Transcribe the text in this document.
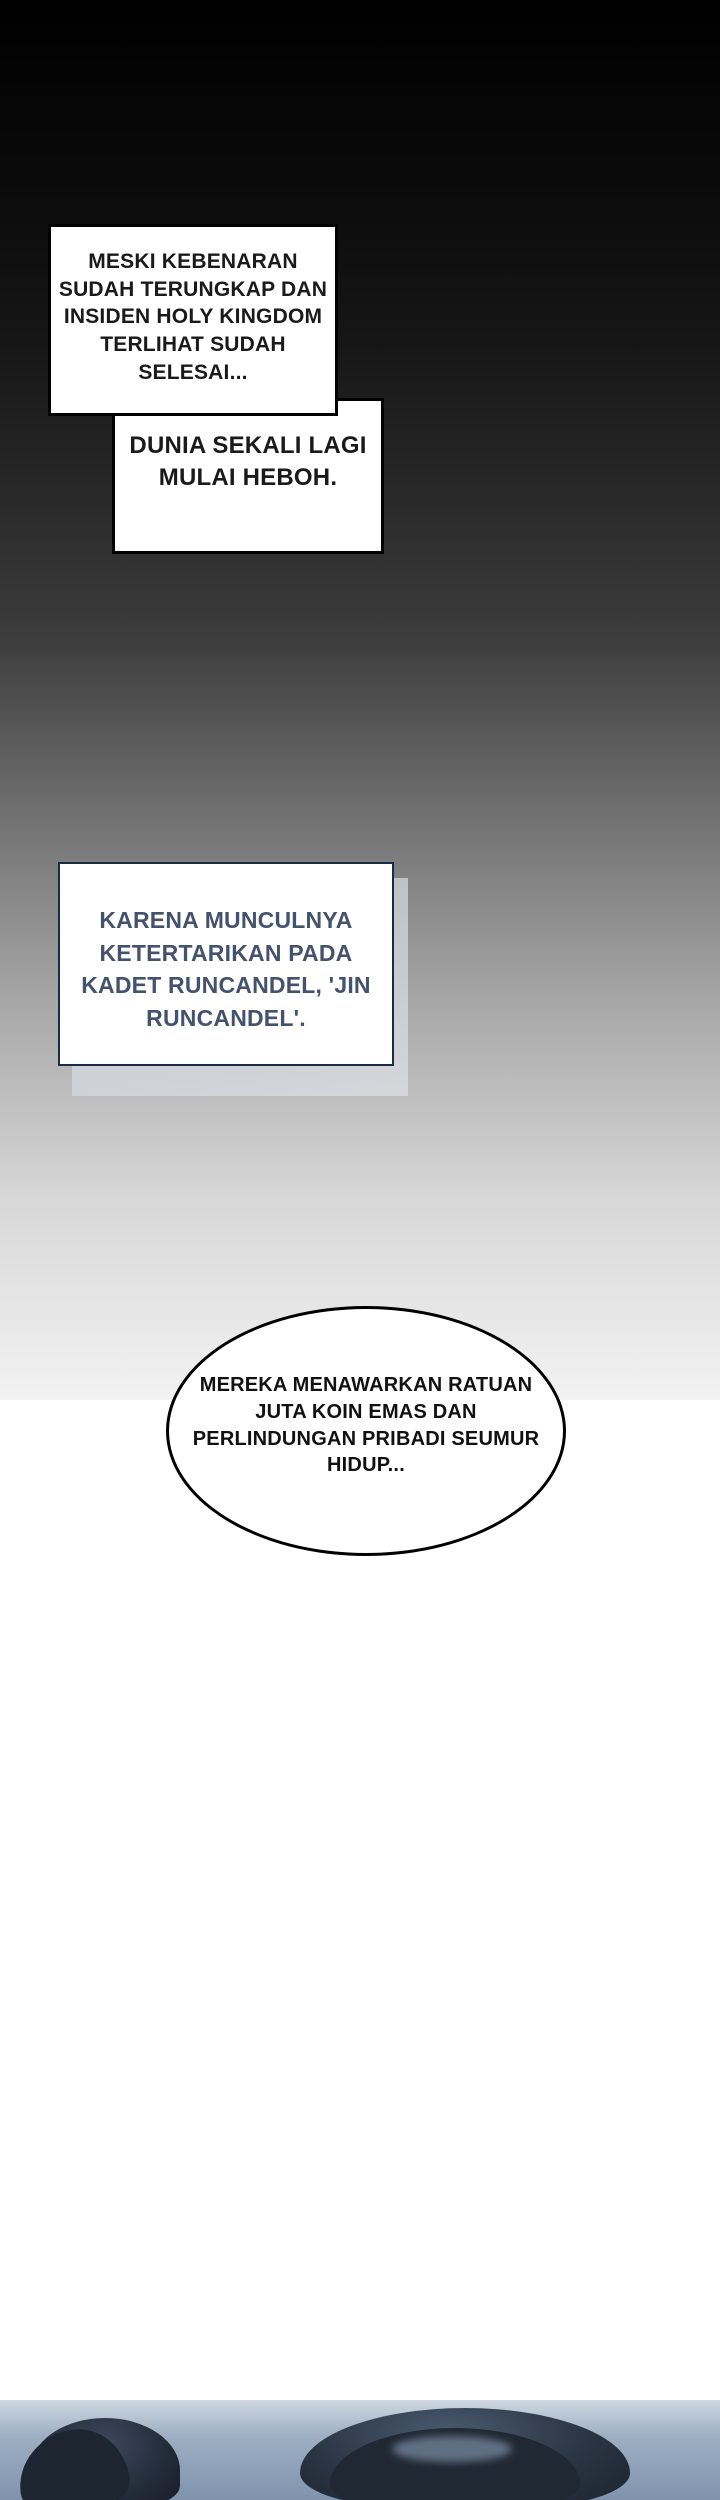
MESKI KEBENARAN SUDAH TERUNGKAP DAN INSIDEN HOLY KINGDOM TERLIHAT SUDAH SELESAI...
DUNIA SEKALI LAGI MULAI HEBOH.
KARENA MUNCULNYA KETERTARIKAN PADA KADET RUNCANDEL, 'JIN RUNCANDEL'.
MEREKA MENAWARKAN RATUAN JUTA KOIN EMAS DAN PERLINDUNGAN PRIBADI SEUMUR HIDUP...
